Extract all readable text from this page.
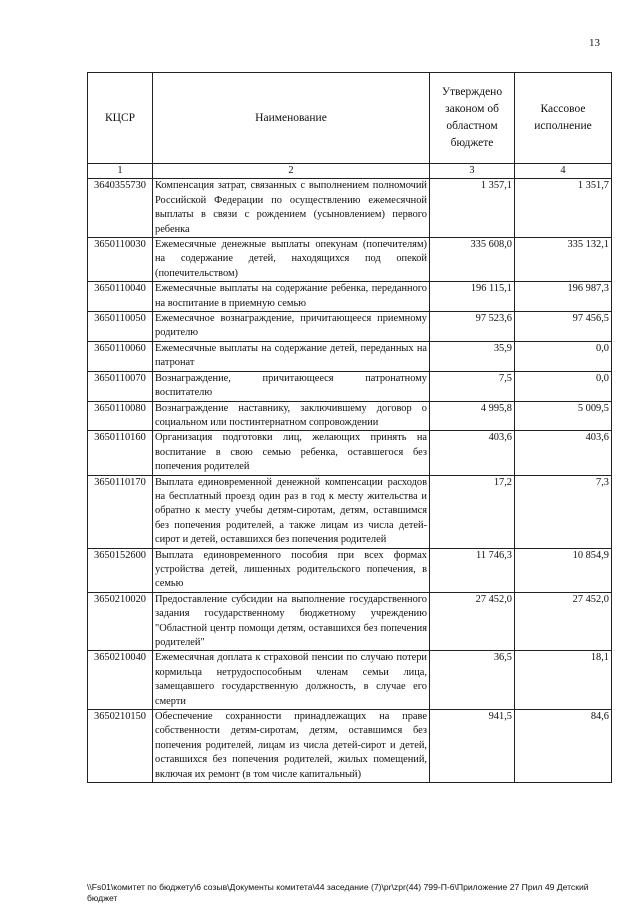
13
КЦСР	Наименование	Утверждено законом об областном бюджете	Кассовое исполнение
1	2	3	4
3640355730	Компенсация затрат, связанных с выполнением полномочий Российской Федерации по осуществлению ежемесячной выплаты в связи с рождением (усыновлением) первого ребенка	1 357,1	1 351,7
3650110030	Ежемесячные денежные выплаты опекунам (попечителям) на содержание детей, находящихся под опекой (попечительством)	335 608,0	335 132,1
3650110040	Ежемесячные выплаты на содержание ребенка, переданного на воспитание в приемную семью	196 115,1	196 987,3
3650110050	Ежемесячное вознаграждение, причитающееся приемному родителю	97 523,6	97 456,5
3650110060	Ежемесячные выплаты на содержание детей, переданных на патронат	35,9	0,0
3650110070	Вознаграждение, причитающееся патронатному воспитателю	7,5	0,0
3650110080	Вознаграждение наставнику, заключившему договор о социальном или постинтернатном сопровождении	4 995,8	5 009,5
3650110160	Организация подготовки лиц, желающих принять на воспитание в свою семью ребенка, оставшегося без попечения родителей	403,6	403,6
3650110170	Выплата единовременной денежной компенсации расходов на бесплатный проезд один раз в год к месту жительства и обратно к месту учебы детям-сиротам, детям, оставшимся без попечения родителей, а также лицам из числа детей-сирот и детей, оставшихся без попечения родителей	17,2	7,3
3650152600	Выплата единовременного пособия при всех формах устройства детей, лишенных родительского попечения, в семью	11 746,3	10 854,9
3650210020	Предоставление субсидии на выполнение государственного задания государственному бюджетному учреждению "Областной центр помощи детям, оставшихся без попечения родителей"	27 452,0	27 452,0
3650210040	Ежемесячная доплата к страховой пенсии по случаю потери кормильца нетрудоспособным членам семьи лица, замещавшего государственную должность, в случае его смерти	36,5	18,1
3650210150	Обеспечение сохранности принадлежащих на праве собственности детям-сиротам, детям, оставшимся без попечения родителей, лицам из числа детей-сирот и детей, оставшихся без попечения родителей, жилых помещений, включая их ремонт (в том числе капитальный)	941,5	84,6
\\Fs01\комитет по бюджету\6 созыв\Документы комитета\44 заседание (7)\pr\zpr(44) 799-П-6\Приложение 27 Прил 49 Детский бюджет
